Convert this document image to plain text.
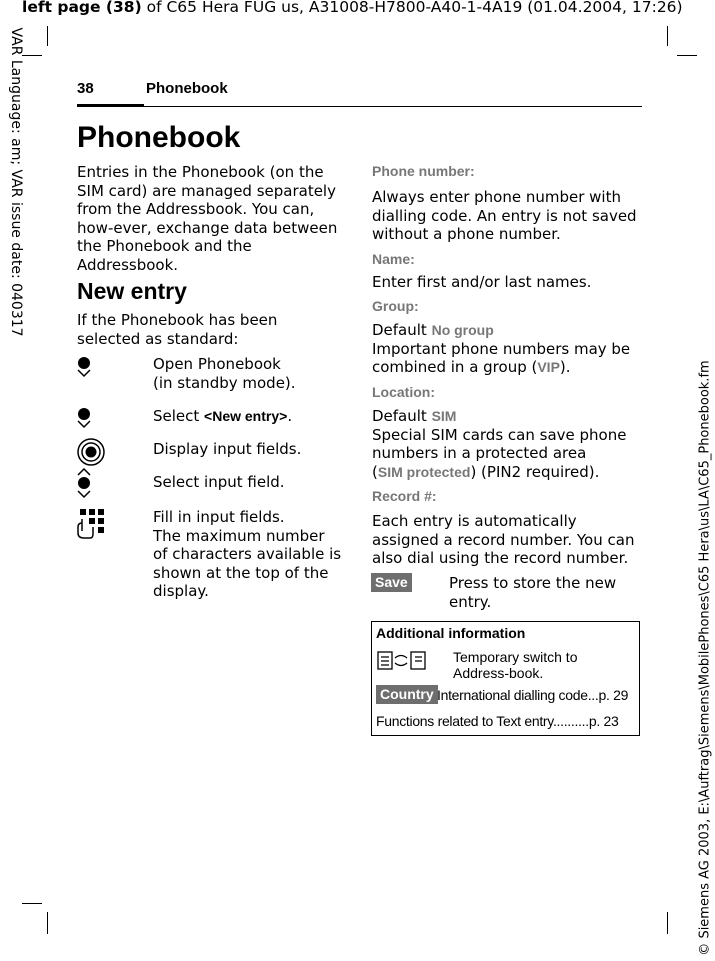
left page (38) of C65 Hera FUG us, A31008-H7800-A40-1-4A19 (01.04.2004, 17:26)
VAR Language: am; VAR issue date: 040317
© Siemens AG 2003, E:\Auftrag\Siemens\MobilePhones\C65 Hera\us\LA\C65_Phonebook.fm
38	Phonebook
Phonebook
Entries in the Phonebook (on the SIM card) are managed separately from the Addressbook. You can, how-ever, exchange data between the Phonebook and the Addressbook.
New entry
If the Phonebook has been selected as standard:
Open Phonebook
(in standby mode).
Select <New entry>.
Display input fields.
Select input field.
Fill in input fields.
The maximum number of characters available is shown at the top of the display.
Phone number:
Always enter phone number with dialling code. An entry is not saved without a phone number.
Name:
Enter first and/or last names.
Group:
Default No group
Important phone numbers may be combined in a group (VIP).
Location:
Default SIM
Special SIM cards can save phone numbers in a protected area
(SIM protected) (PIN2 required).
Record #:
Each entry is automatically assigned a record number. You can also dial using the record number.
Save	Press to store the new entry.
Additional information
Temporary switch to Address-book.
Country International dialling code...p. 29
Functions related to Text entry..........p. 23
